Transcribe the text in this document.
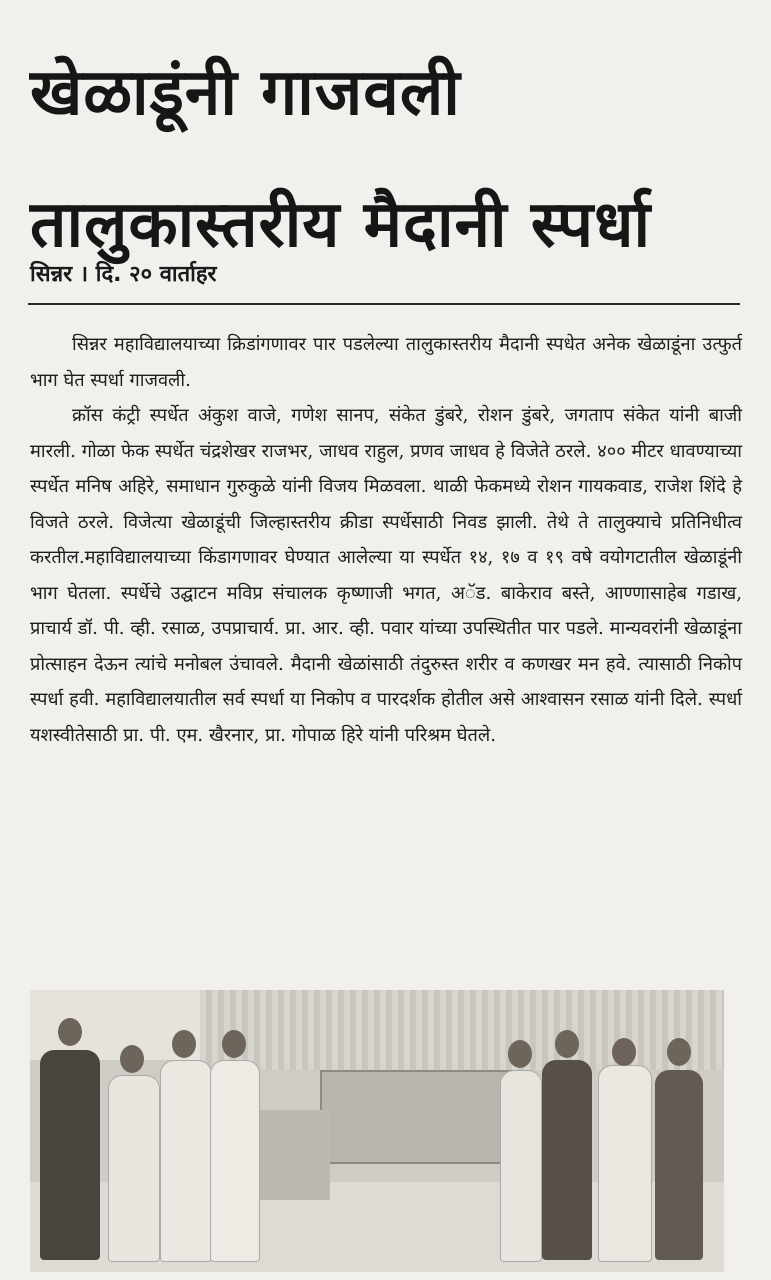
खेळाडूंनी गाजवली
तालुकास्तरीय मैदानी स्पर्धा
सिन्नर । दि. २० वार्ताहर

सिन्नर महाविद्यालयाच्या क्रिडांगणावर पार पडलेल्या तालुकास्तरीय मैदानी स्पधेत अनेक खेळाडूंना उत्फुर्त भाग घेत स्पर्धा गाजवली.

क्रॉस कंट्री स्पर्धेत अंकुश वाजे, गणेश सानप, संकेत डुंबरे, रोशन डुंबरे, जगताप संकेत यांनी बाजी मारली. गोळा फेक स्पर्धेत चंद्रशेखर राजभर, जाधव राहुल, प्रणव जाधव हे विजेते ठरले. ४०० मीटर धावण्याच्या स्पर्धेत मनिष अहिरे, समाधान गुरुकुळे यांनी विजय मिळवला. थाळी फेकमध्ये रोशन गायकवाड, राजेश शिंदे हे विजते ठरले. विजेत्या खेळाडूंची जिल्हास्तरीय क्रीडा स्पर्धेसाठी निवड झाली. तेथे ते तालुक्याचे प्रतिनिधीत्व करतील.महाविद्यालयाच्या किंडागणावर घेण्यात आलेल्या या स्पर्धेत १४, १७ व १९ वषे वयोगटातील खेळाडूंनी भाग घेतला. स्पर्धेचे उद्घाटन मविप्र संचालक कृष्णाजी भगत, अॅड. बाकेराव बस्ते, आण्णासाहेब गडाख, प्राचार्य डॉ. पी. व्ही. रसाळ, उपप्राचार्य. प्रा. आर. व्ही. पवार यांच्या उपस्थितीत पार पडले. मान्यवरांनी खेळाडूंना प्रोत्साहन देऊन त्यांचे मनोबल उंचावले. मैदानी खेळांसाठी तंदुरुस्त शरीर व कणखर मन हवे. त्यासाठी निकोप स्पर्धा हवी. महाविद्यालयातील सर्व स्पर्धा या निकोप व पारदर्शक होतील असे आश्वासन रसाळ यांनी दिले. स्पर्धा यशस्वीतेसाठी प्रा. पी. एम. खैरनार, प्रा. गोपाळ हिरे यांनी परिश्रम घेतले.
